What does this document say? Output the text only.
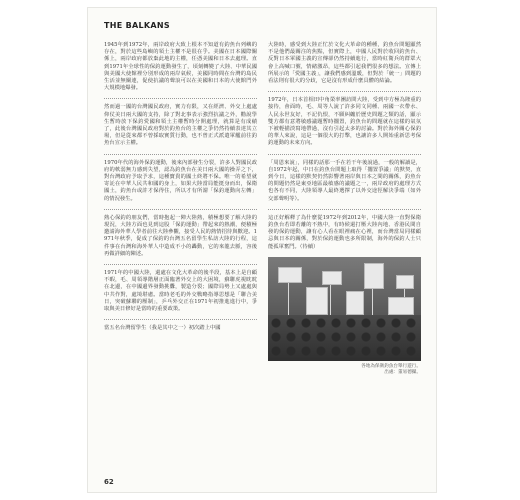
THE BALKANS

1945年到1972年，兩岸政府大致上根本不知道有釣魚台列嶼的存在，對於這些島嶼的領土主權不是很在乎。美國在日本國際關係上，兩岸政府都放棄此地的主權，任憑美國和日本去處理。直到1971年全球性的保釣運動發生了，頃刻轉變了大陸、中華民國與美國大使館裡分別形成的兩岸氣候，美國同時間在台灣的島民生活並無關連，促使抗議的聲浪可以在美國和日本的大使館門外大規模地爆發。

然而過一國的台灣國民政府，實力有限，又在經濟、外交上處處仰仗美日兩大國的支持，除了對北事表示強烈抗議之外，勸說學生暫時放下保釣愛國和領土主權暫時分開處理，就算是有成績了，此後台灣國民政府對於釣魚台的主權之爭仍然持續表達其立場，但是從來都不曾採取實質行動，也不曾正式派遣軍艦前往釣魚台宣示主權。

1970年代的海外保釣運動，後來內部發生分裂，許多人對國民政府的軟弱無力感到失望，認為釣魚台在美日兩大國的操弄之下，對台灣政府予取予求，這種寶貴的國土終將不保。唯一的希望就寄託在中華人民共和國的身上，如果大陸當局能挺身而出，保衛國土，釣魚台或許才保得住，所以才有所謂「保釣運動向左轉」的情況發生。

熱心保釣的朋友們，當時抱起一陣大陸熱，積極想要了解大陸的現況，大陸方面也見到這股「保釣運動」帶起來的熱潮，便積極邀請海外華人學者前往大陸參觀，接受人民的熱情招待與歡迎。1971年秋季，促成了保釣的台灣五名留學生私訪大陸的行程，這件事在台灣和海外華人中造成不小的轟動，它的來龍去脈，容後再做詳細的陳述。

1971年的中國大陸，還處在文化大革命的後半段，基本上是自顧不暇，毛、周領導階層正面臨著外交上的大困境，蘇聯虎視眈眈在北邊，在中國邊界發動挑釁，製造分裂；國際局勢上又處處與中共作對，處境堪慮。當時老毛的外交戰略指導思想是「聯合美日，突破蘇聯的壓制」，乒乓外交正在1971年初推進進行中，爭取與美日修好是當時的重要政策。

當五名台灣留學生（我是其中之一）初次踏上中國

大陸時，感受到大陸正忙於文化大革命的種種，釣魚台問題顯然不是他們最關注的焦點，但實際上，中國人民對於收回釣魚台、反對日本軍國主義的宣傳卻仍然持續進行，當時紅衛兵的群眾大會上高喊口號，情緒激昂，這些都引起我們很多的想法。宣傳上所展示的「愛國主義」，讓我們感到溫暖，但對於「統一」問題的看法則有很大的分歧，它是沒有形成什麼具體的結論。

1972年，日本首相田中角榮率團訪問大陸，受到中方極為隆重的接待，會面時，毛、周等人說了許多同文同種、兩國一衣帶水、人民永世友好，不記仇恨，不願糾纏於歷史問題之類的話，顯示雙方都有意將敏感議題暫時擱置，釣魚台的問題就在這樣的氣氛下被輕描淡寫地帶過，沒有引起太多的討論。對於海外關心保釣的華人來說，這是一個很大的打擊，也讓許多人開始重新思考保釣運動的未來方向。

「周恩來說」，同樣的話那一手在若干年後說過，一般的解讀是，自1972年起，中日在釣魚台問題上取得「擱置爭議」的默契，直到今日，這樣的默契仍然影響著兩岸與日本之間的關係，釣魚台的問題仍然是東亞地區最敏感的議題之一，兩岸政府的處理方式也各有不同，大陸領導人最終選擇了以外交途徑解決爭端（如外交部聲明等）。

這正好解釋了為什麼從1972年到2012年，中國大陸一直對保衛釣魚台若即若離的不熱中，有時候還打壓大陸內地、香港民間自發的保釣運動，讓有心人看在眼裡痛在心裡，而台灣當局同樣顧忌與日本的關係，對於保釣運動也多所限制，海外的保釣人士只能孤軍奮鬥。（待續）

各地為保衛釣魚台舉行遊行。
出處：董易德攝。
62
